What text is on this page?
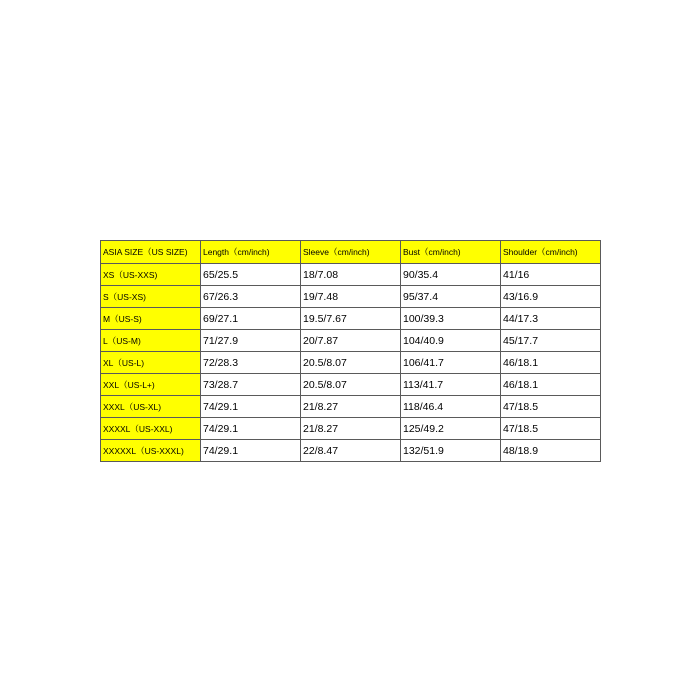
ASIA SIZE（US SIZE)	Length（cm/inch)	Sleeve（cm/inch)	Bust（cm/inch)	Shoulder（cm/inch)
XS（US-XXS)	65/25.5	18/7.08	90/35.4	41/16
S（US-XS)	67/26.3	19/7.48	95/37.4	43/16.9
M（US-S)	69/27.1	19.5/7.67	100/39.3	44/17.3
L（US-M)	71/27.9	20/7.87	104/40.9	45/17.7
XL（US-L)	72/28.3	20.5/8.07	106/41.7	46/18.1
XXL（US-L+)	73/28.7	20.5/8.07	113/41.7	46/18.1
XXXL（US-XL)	74/29.1	21/8.27	118/46.4	47/18.5
XXXXL（US-XXL)	74/29.1	21/8.27	125/49.2	47/18.5
XXXXXL（US-XXXL)	74/29.1	22/8.47	132/51.9	48/18.9
